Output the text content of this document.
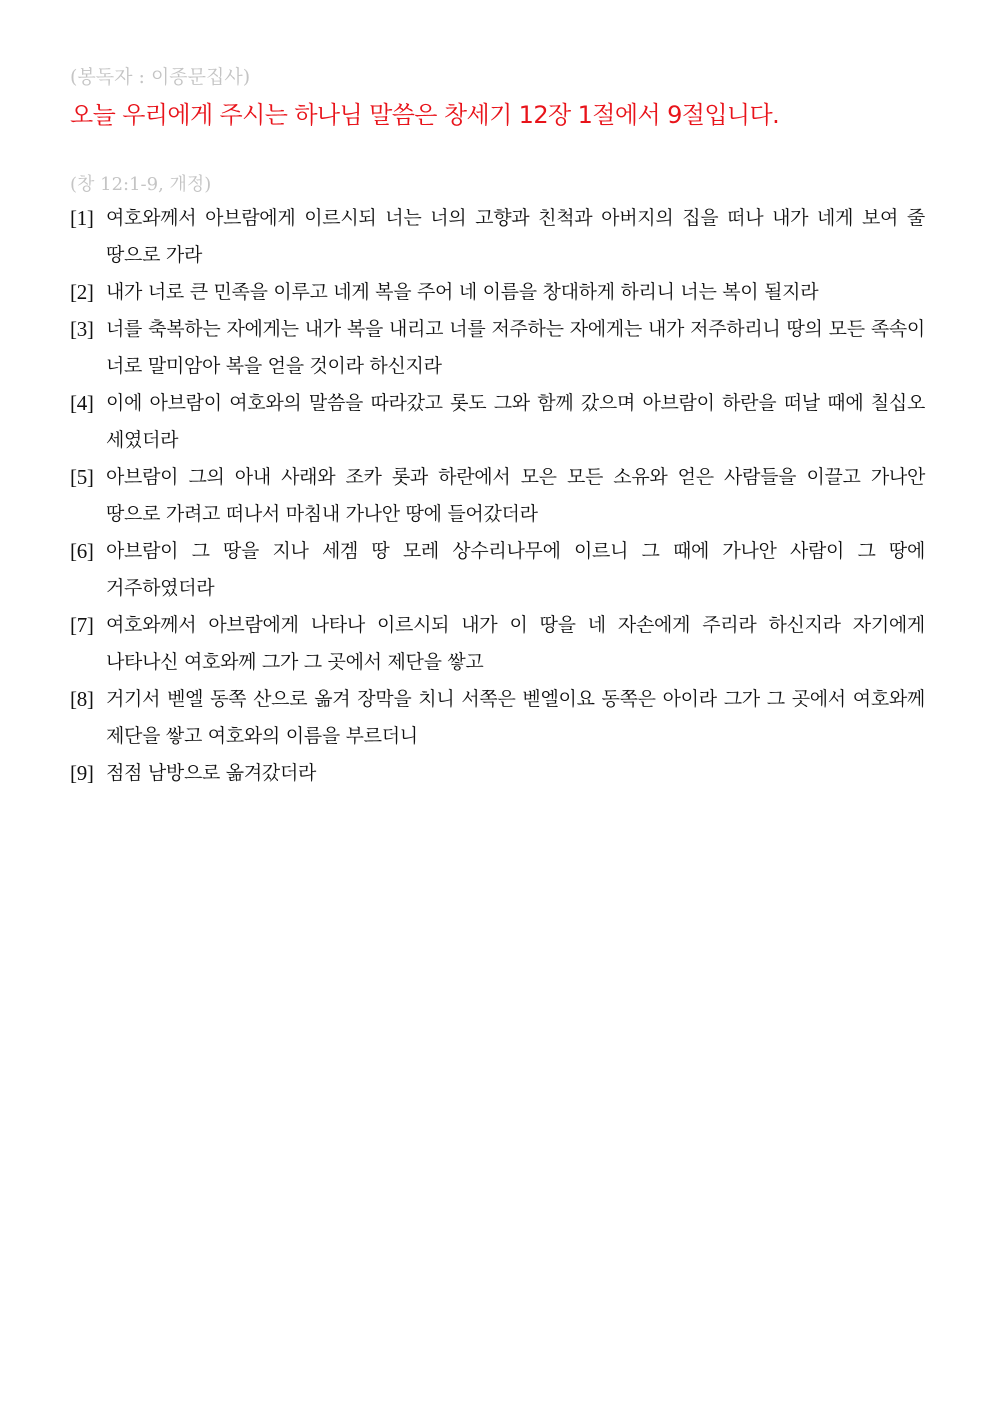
(봉독자 : 이종문집사)
오늘 우리에게 주시는 하나님 말씀은 창세기 12장 1절에서 9절입니다.
(창 12:1-9, 개정)
[1] 여호와께서 아브람에게 이르시되 너는 너의 고향과 친척과 아버지의 집을 떠나 내가 네게 보여 줄 땅으로 가라
[2] 내가 너로 큰 민족을 이루고 네게 복을 주어 네 이름을 창대하게 하리니 너는 복이 될지라
[3] 너를 축복하는 자에게는 내가 복을 내리고 너를 저주하는 자에게는 내가 저주하리니 땅의 모든 족속이 너로 말미암아 복을 얻을 것이라 하신지라
[4] 이에 아브람이 여호와의 말씀을 따라갔고 롯도 그와 함께 갔으며 아브람이 하란을 떠날 때에 칠십오 세였더라
[5] 아브람이 그의 아내 사래와 조카 롯과 하란에서 모은 모든 소유와 얻은 사람들을 이끌고 가나안 땅으로 가려고 떠나서 마침내 가나안 땅에 들어갔더라
[6] 아브람이 그 땅을 지나 세겜 땅 모레 상수리나무에 이르니 그 때에 가나안 사람이 그 땅에 거주하였더라
[7] 여호와께서 아브람에게 나타나 이르시되 내가 이 땅을 네 자손에게 주리라 하신지라 자기에게 나타나신 여호와께 그가 그 곳에서 제단을 쌓고
[8] 거기서 벧엘 동쪽 산으로 옮겨 장막을 치니 서쪽은 벧엘이요 동쪽은 아이라 그가 그 곳에서 여호와께 제단을 쌓고 여호와의 이름을 부르더니
[9] 점점 남방으로 옮겨갔더라
